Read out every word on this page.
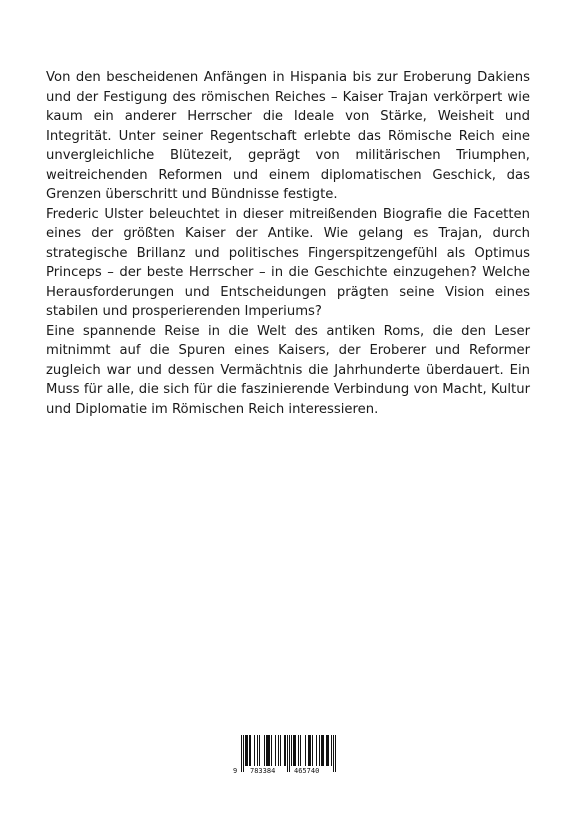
Von den bescheidenen Anfängen in Hispania bis zur Eroberung Dakiens und der Festigung des römischen Reiches – Kaiser Trajan verkörpert wie kaum ein anderer Herrscher die Ideale von Stärke, Weisheit und Integrität. Unter seiner Regentschaft erlebte das Römische Reich eine unvergleichliche Blütezeit, geprägt von militärischen Triumphen, weitreichenden Reformen und einem diplomatischen Geschick, das Grenzen überschritt und Bündnisse festigte.

Frederic Ulster beleuchtet in dieser mitreißenden Biografie die Facetten eines der größten Kaiser der Antike. Wie gelang es Trajan, durch strategische Brillanz und politisches Fingerspitzengefühl als Optimus Princeps – der beste Herrscher – in die Geschichte einzugehen? Welche Herausforderungen und Entscheidungen prägten seine Vision eines stabilen und prosperierenden Imperiums?

Eine spannende Reise in die Welt des antiken Roms, die den Leser mitnimmt auf die Spuren eines Kaisers, der Eroberer und Reformer zugleich war und dessen Vermächtnis die Jahrhunderte überdauert. Ein Muss für alle, die sich für die faszinierende Verbindung von Macht, Kultur und Diplomatie im Römischen Reich interessieren.

9 783384	465740
